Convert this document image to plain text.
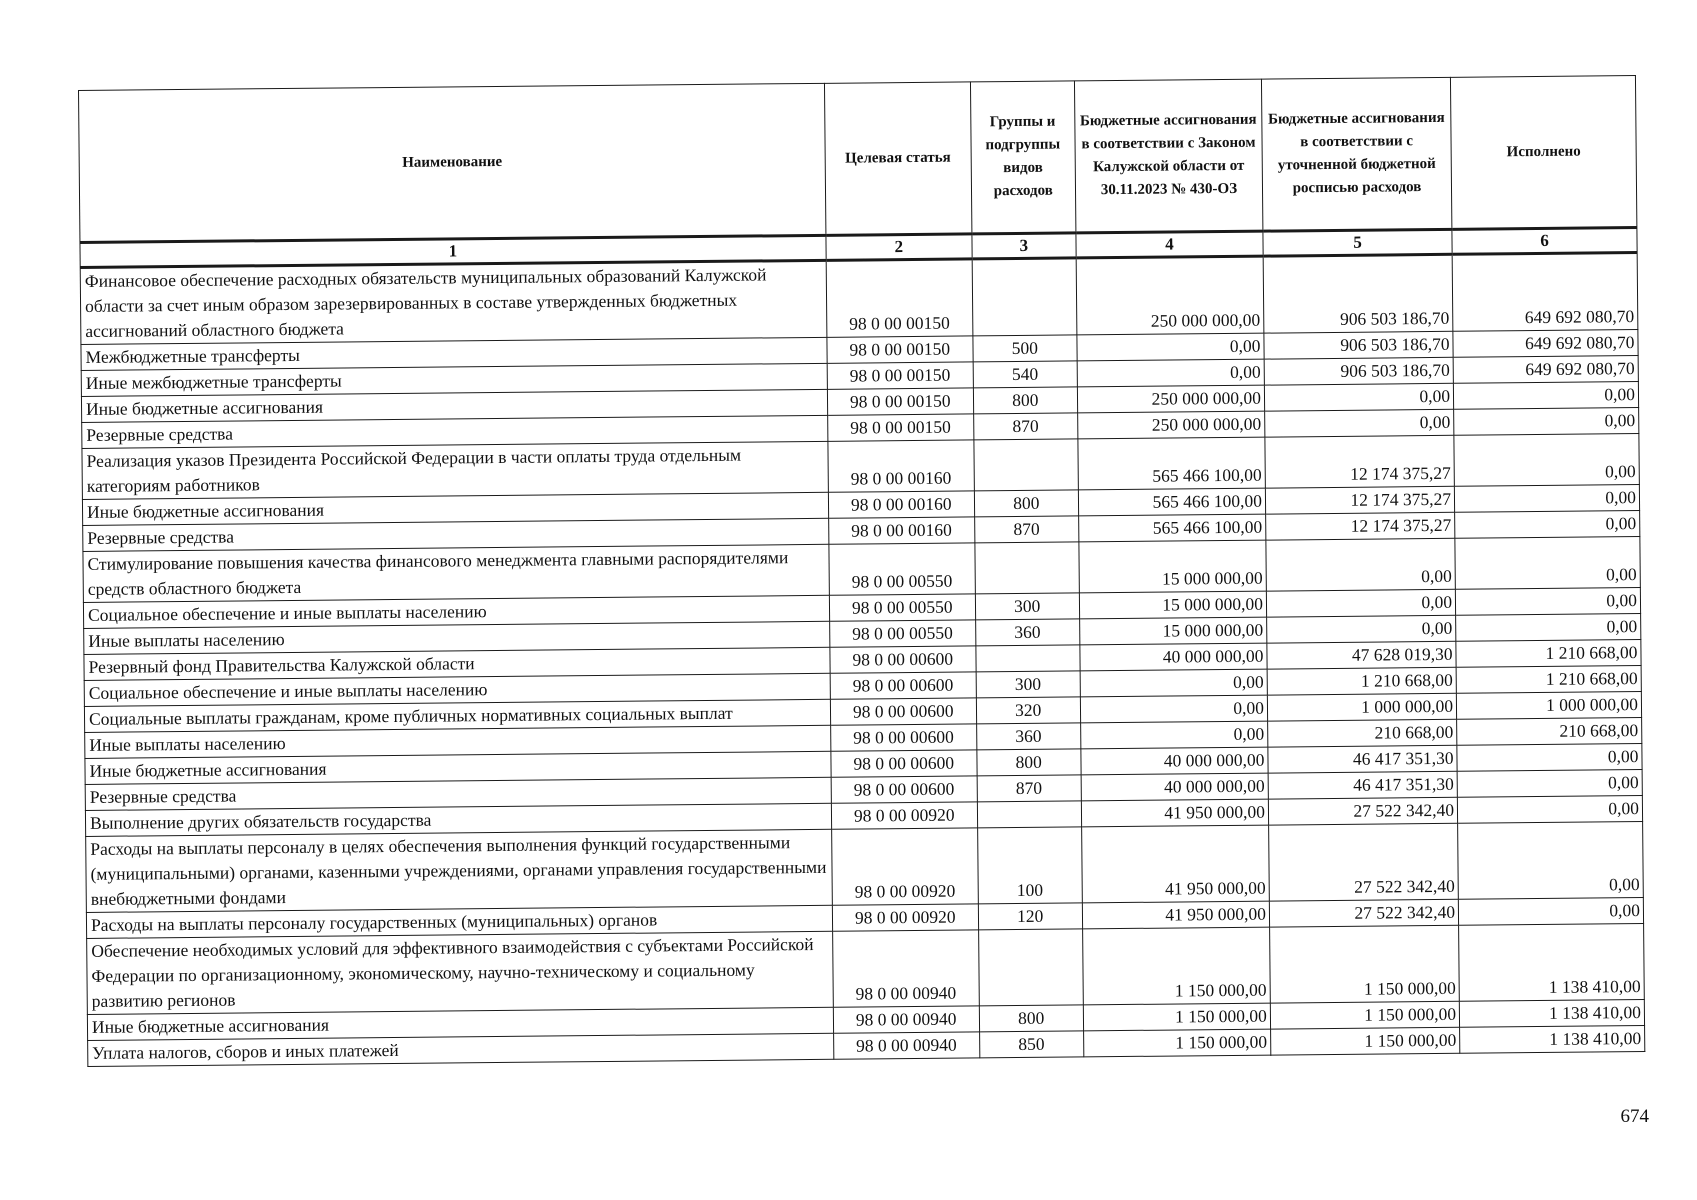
Наименование	Целевая статья	Группы и подгруппы видов расходов	Бюджетные ассигнования в соответствии с Законом Калужской области от 30.11.2023 № 430-ОЗ	Бюджетные ассигнования в соответствии с уточненной бюджетной росписью расходов	Исполнено
1	2	3	4	5	6
Финансовое обеспечение расходных обязательств муниципальных образований Калужской области за счет иным образом зарезервированных в составе утвержденных бюджетных ассигнований областного бюджета	98 0 00 00150		250 000 000,00	906 503 186,70	649 692 080,70
Межбюджетные трансферты	98 0 00 00150	500	0,00	906 503 186,70	649 692 080,70
Иные межбюджетные трансферты	98 0 00 00150	540	0,00	906 503 186,70	649 692 080,70
Иные бюджетные ассигнования	98 0 00 00150	800	250 000 000,00	0,00	0,00
Резервные средства	98 0 00 00150	870	250 000 000,00	0,00	0,00
Реализация указов Президента Российской Федерации в части оплаты труда отдельным категориям работников	98 0 00 00160		565 466 100,00	12 174 375,27	0,00
Иные бюджетные ассигнования	98 0 00 00160	800	565 466 100,00	12 174 375,27	0,00
Резервные средства	98 0 00 00160	870	565 466 100,00	12 174 375,27	0,00
Стимулирование повышения качества финансового менеджмента главными распорядителями средств областного бюджета	98 0 00 00550		15 000 000,00	0,00	0,00
Социальное обеспечение и иные выплаты населению	98 0 00 00550	300	15 000 000,00	0,00	0,00
Иные выплаты населению	98 0 00 00550	360	15 000 000,00	0,00	0,00
Резервный фонд Правительства Калужской области	98 0 00 00600		40 000 000,00	47 628 019,30	1 210 668,00
Социальное обеспечение и иные выплаты населению	98 0 00 00600	300	0,00	1 210 668,00	1 210 668,00
Социальные выплаты гражданам, кроме публичных нормативных социальных выплат	98 0 00 00600	320	0,00	1 000 000,00	1 000 000,00
Иные выплаты населению	98 0 00 00600	360	0,00	210 668,00	210 668,00
Иные бюджетные ассигнования	98 0 00 00600	800	40 000 000,00	46 417 351,30	0,00
Резервные средства	98 0 00 00600	870	40 000 000,00	46 417 351,30	0,00
Выполнение других обязательств государства	98 0 00 00920		41 950 000,00	27 522 342,40	0,00
Расходы на выплаты персоналу в целях обеспечения выполнения функций государственными (муниципальными) органами, казенными учреждениями, органами управления государственными внебюджетными фондами	98 0 00 00920	100	41 950 000,00	27 522 342,40	0,00
Расходы на выплаты персоналу государственных (муниципальных) органов	98 0 00 00920	120	41 950 000,00	27 522 342,40	0,00
Обеспечение необходимых условий для эффективного взаимодействия с субъектами Российской Федерации по организационному, экономическому, научно-техническому и социальному развитию регионов	98 0 00 00940		1 150 000,00	1 150 000,00	1 138 410,00
Иные бюджетные ассигнования	98 0 00 00940	800	1 150 000,00	1 150 000,00	1 138 410,00
Уплата налогов, сборов и иных платежей	98 0 00 00940	850	1 150 000,00	1 150 000,00	1 138 410,00
674
